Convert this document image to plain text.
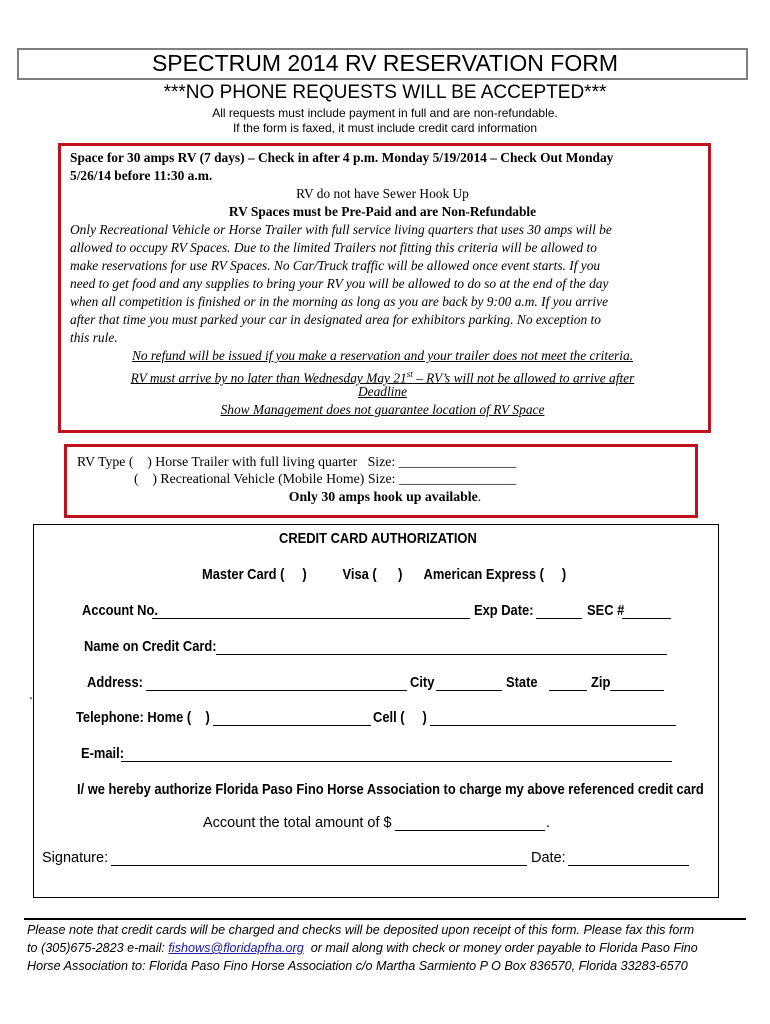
SPECTRUM 2014 RV RESERVATION FORM
***NO PHONE REQUESTS WILL BE ACCEPTED***
All requests must include payment in full and are non-refundable.
If the form is faxed, it must include credit card information
Space for 30 amps RV (7 days) – Check in after 4 p.m. Monday 5/19/2014 – Check Out Monday
5/26/14 before 11:30 a.m.
RV do not have Sewer Hook Up
RV Spaces must be Pre-Paid and are Non-Refundable
Only Recreational Vehicle or Horse Trailer with full service living quarters that uses 30 amps will be
allowed to occupy RV Spaces. Due to the limited Trailers not fitting this criteria will be allowed to
make reservations for use RV Spaces. No Car/Truck traffic will be allowed once event starts. If you
need to get food and any supplies to bring your RV you will be allowed to do so at the end of the day
when all competition is finished or in the morning as long as you are back by 9:00 a.m. If you arrive
after that time you must parked your car in designated area for exhibitors parking. No exception to
this rule.
No refund will be issued if you make a reservation and your trailer does not meet the criteria.
RV must arrive by no later than Wednesday May 21st – RV’s will not be allowed to arrive after
Deadline
Show Management does not guarantee location of RV Space
RV Type (    ) Horse Trailer with full living quarter   Size: _________________
(    ) Recreational Vehicle (Mobile Home) Size: _________________
Only 30 amps hook up available.
CREDIT CARD AUTHORIZATION
Master Card (     )          Visa (      )      American Express (     )
Account No.	Exp Date:	SEC #
Name on Credit Card:
Address:	City	State	Zip
Telephone: Home (    )	Cell (     )
E-mail:
I/ we hereby authorize Florida Paso Fino Horse Association to charge my above referenced credit card
Account the total amount of $	.
Signature:	Date:
.
Please note that credit cards will be charged and checks will be deposited upon receipt of this form. Please fax this form
to (305)675-2823 e-mail: fishows@floridapfha.org  or mail along with check or money order payable to Florida Paso Fino
Horse Association to: Florida Paso Fino Horse Association c/o Martha Sarmiento P O Box 836570, Florida 33283-6570
